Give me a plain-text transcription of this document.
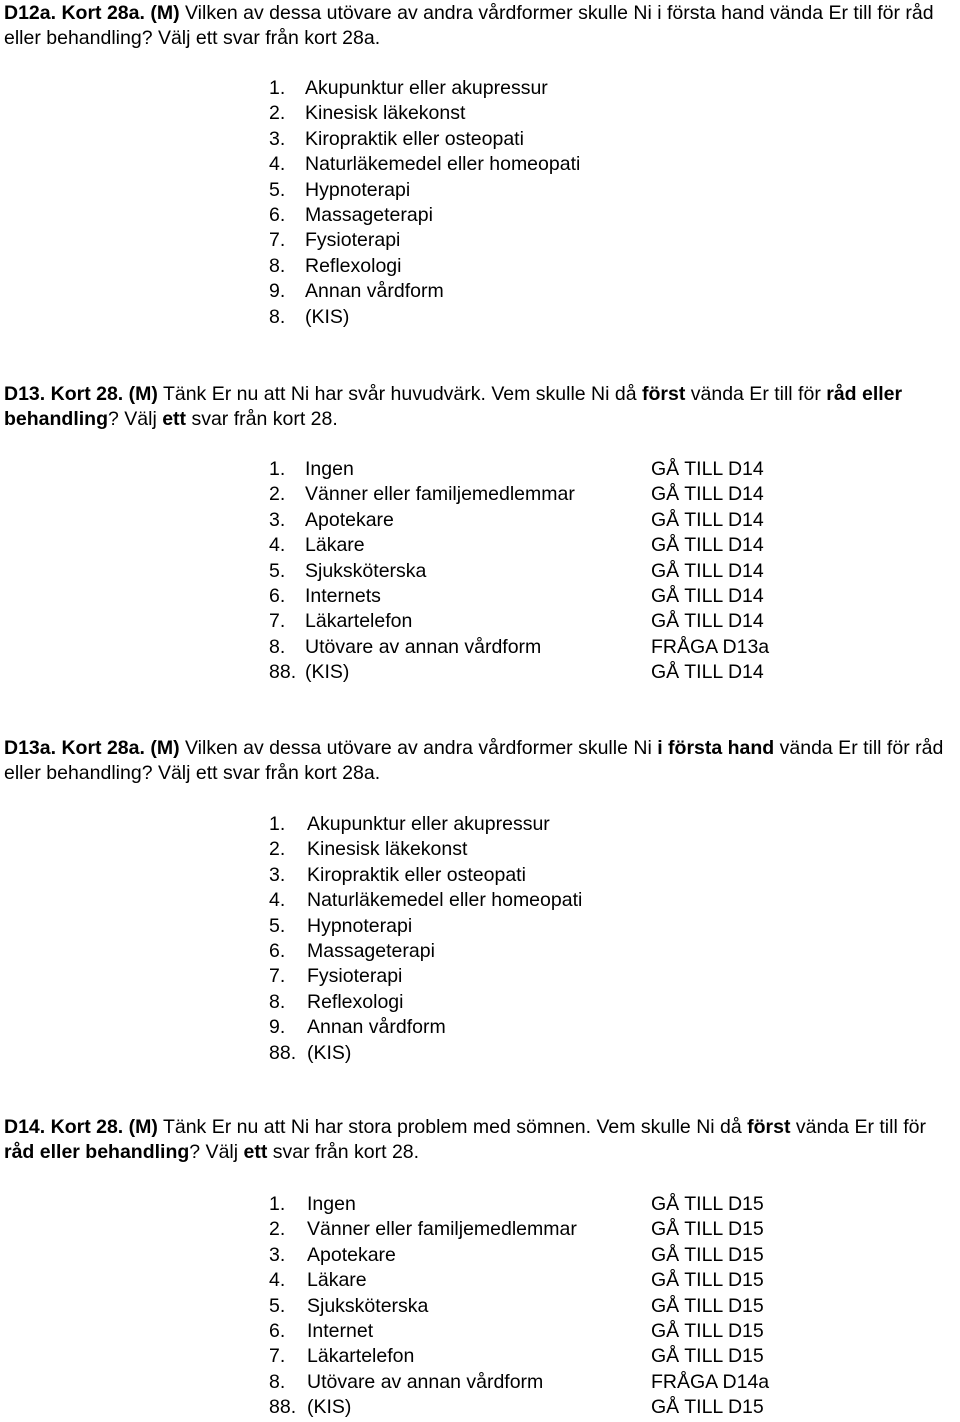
D12a. Kort 28a. (M) Vilken av dessa utövare av andra vårdformer skulle Ni i första hand vända Er till för råd eller behandling? Välj ett svar från kort 28a.

1. Akupunktur eller akupressur
2. Kinesisk läkekonst
3. Kiropraktik eller osteopati
4. Naturläkemedel eller homeopati
5. Hypnoterapi
6. Massageterapi
7. Fysioterapi
8. Reflexologi
9. Annan vårdform
8. (KIS)

D13. Kort 28. (M) Tänk Er nu att Ni har svår huvudvärk. Vem skulle Ni då först vända Er till för råd eller behandling? Välj ett svar från kort 28.

1. Ingen	GÅ TILL D14
2. Vänner eller familjemedlemmar	GÅ TILL D14
3. Apotekare	GÅ TILL D14
4. Läkare	GÅ TILL D14
5. Sjuksköterska	GÅ TILL D14
6. Internets	GÅ TILL D14
7. Läkartelefon	GÅ TILL D14
8. Utövare av annan vårdform	FRÅGA D13a
88. (KIS)	GÅ TILL D14

D13a. Kort 28a. (M) Vilken av dessa utövare av andra vårdformer skulle Ni i första hand vända Er till för råd eller behandling? Välj ett svar från kort 28a.

1. Akupunktur eller akupressur
2. Kinesisk läkekonst
3. Kiropraktik eller osteopati
4. Naturläkemedel eller homeopati
5. Hypnoterapi
6. Massageterapi
7. Fysioterapi
8. Reflexologi
9. Annan vårdform
88. (KIS)

D14. Kort 28. (M) Tänk Er nu att Ni har stora problem med sömnen. Vem skulle Ni då först vända Er till för råd eller behandling? Välj ett svar från kort 28.

1. Ingen	GÅ TILL D15
2. Vänner eller familjemedlemmar	GÅ TILL D15
3. Apotekare	GÅ TILL D15
4. Läkare	GÅ TILL D15
5. Sjuksköterska	GÅ TILL D15
6. Internet	GÅ TILL D15
7. Läkartelefon	GÅ TILL D15
8. Utövare av annan vårdform	FRÅGA D14a
88. (KIS)	GÅ TILL D15
